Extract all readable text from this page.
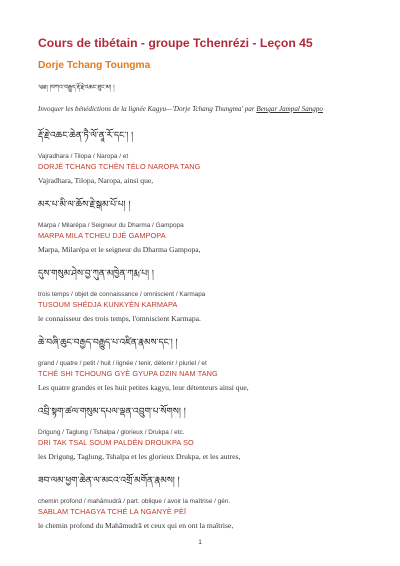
Cours de tibétain - groupe Tchenrézi - Leçon 45
Dorje Tchang Toungma
༄༅། །བཀའ་བརྒྱུད་རྡོ་རྗེ་འཆང་ཐུང་མ། །
Invoquer les bénédictions de la lignée Kagyu—'Dorje Tchang Thungma' par Bengar Jampal Sangpo
རྡོ་རྗེ་འཆང་ཆེན་ཏཻ་ལོ་ནཱ་རོ་དང་། །
Vajradhara / Tilopa / Naropa / et
DORJÉ TCHANG TCHÈN TÉLO NAROPA TANG
Vajradhara, Tilopa, Naropa, ainsi que,
མར་པ་མི་ལ་ཆོས་རྗེ་སྒམ་པོ་པ། །
Marpa / Milarépa / Seigneur du Dharma / Gampopa
MARPA MILA TCHEU DJÉ GAMPOPA
Marpa, Milarépa et le seigneur du Dharma Gampopa,
དུས་གསུམ་ཤེས་བྱ་ཀུན་མཁྱེན་ཀརྨ་པ། །
trois temps / objet de connaissance / omniscient / Karmapa
TUSOUM SHÉDJA KUNKYÈN KARMAPA
le connaisseur des trois temps, l'omniscient Karmapa.
ཆེ་བཞི་ཆུང་བརྒྱད་བརྒྱུད་པ་འཛིན་རྣམས་དང་། །
grand / quatre / petit / huit / lignée / tenir, détenir / pluriel / et
TCHÉ SHI TCHOUNG GYÈ GYUPA DZIN NAM TANG
Les quatre grandes et les huit petites kagyu, leur détenteurs ainsi que,
འབྲི་སྟག་ཚལ་གསུམ་དཔལ་ལྡན་འབྲུག་པ་སོགས། །
Drigung / Taglung / Tshalpa / glorieux / Drukpa / etc.
DRI TAK TSAL SOUM PALDÈN DROUKPA SO
les Drigung, Taglung, Tshalpa et les glorieux Drukpa, et les autres,
ཟབ་ལམ་ཕྱག་ཆེན་ལ་མངའ་འགྲོ་མགོན་རྣམས། །
chemin profond / mahāmudrā / part. oblique / avoir la maîtrise / gén.
SABLAM TCHAGYA TCHÉ LA NGANYÈ PÉÏ
le chemin profond du Mahāmudrā et ceux qui en ont la maîtrise,
1
